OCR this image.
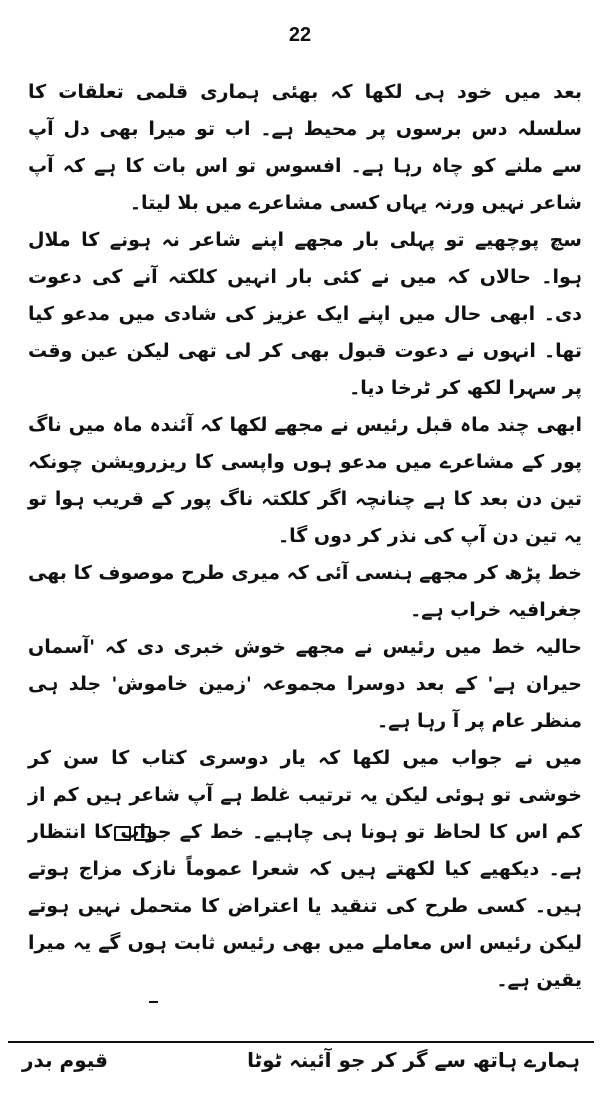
22

بعد میں خود ہی لکھا کہ بھئی ہماری قلمی تعلقات کا سلسلہ دس برسوں پر محیط ہے۔ اب تو میرا بھی دل آپ سے ملنے کو چاہ رہا ہے۔ افسوس تو اس بات کا ہے کہ آپ شاعر نہیں ورنہ یہاں کسی مشاعرے میں بلا لیتا۔

سچ پوچھیے تو پہلی بار مجھے اپنے شاعر نہ ہونے کا ملال ہوا۔ حالاں کہ میں نے کئی بار انہیں کلکتہ آنے کی دعوت دی۔ ابھی حال میں اپنے ایک عزیز کی شادی میں مدعو کیا تھا۔ انہوں نے دعوت قبول بھی کر لی تھی لیکن عین وقت پر سہرا لکھ کر ٹرخا دیا۔

ابھی چند ماہ قبل رئیس نے مجھے لکھا کہ آئندہ ماہ میں ناگ پور کے مشاعرے میں مدعو ہوں واپسی کا ریزرویشن چونکہ تین دن بعد کا ہے چنانچہ اگر کلکتہ ناگ پور کے قریب ہوا تو یہ تین دن آپ کی نذر کر دوں گا۔

خط پڑھ کر مجھے ہنسی آئی کہ میری طرح موصوف کا بھی جغرافیہ خراب ہے۔

حالیہ خط میں رئیس نے مجھے خوش خبری دی کہ 'آسماں حیران ہے' کے بعد دوسرا مجموعہ 'زمین خاموش' جلد ہی منظر عام پر آ رہا ہے۔

میں نے جواب میں لکھا کہ یار دوسری کتاب کا سن کر خوشی تو ہوئی لیکن یہ ترتیب غلط ہے آپ شاعر ہیں کم از کم اس کا لحاظ تو ہونا ہی چاہیے۔ خط کے جواب کا انتظار ہے۔ دیکھیے کیا لکھتے ہیں کہ شعرا عموماً نازک مزاج ہوتے ہیں۔ کسی طرح کی تنقید یا اعتراض کا متحمل نہیں ہوتے لیکن رئیس اس معاملے میں بھی رئیس ثابت ہوں گے یہ میرا یقین ہے۔

ہمارے ہاتھ سے گر کر جو آئینہ ٹوٹا
قیوم بدر
